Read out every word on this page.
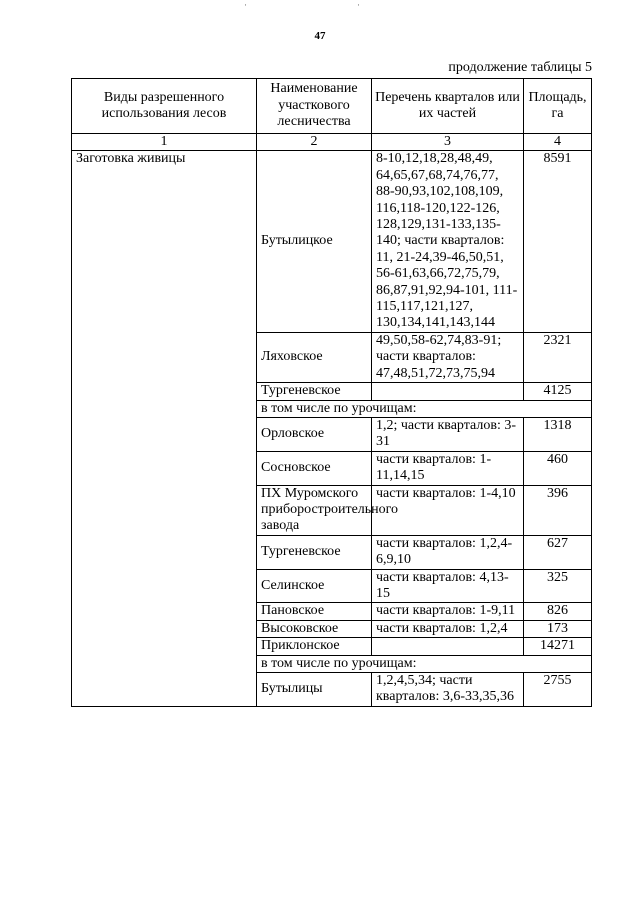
·	·
47
продолжение таблицы 5
Виды разрешенного использования лесов	Наименование участкового лесничества	Перечень кварталов или их частей	Площадь, га
1	2	3	4
Заготовка живицы	Бутылицкое	8-10,12,18,28,48,49, 64,65,67,68,74,76,77, 88-90,93,102,108,109, 116,118-120,122-126, 128,129,131-133,135-140; части кварталов: 11, 21-24,39-46,50,51, 56-61,63,66,72,75,79, 86,87,91,92,94-101, 111-115,117,121,127, 130,134,141,143,144	8591
	Ляховское	49,50,58-62,74,83-91; части кварталов: 47,48,51,72,73,75,94	2321
	Тургеневское		4125
	в том числе по урочищам:		
	Орловское	1,2; части кварталов: 3-31	1318
	Сосновское	части кварталов: 1-11,14,15	460
	ПХ Муромского приборостроительного завода	части кварталов: 1-4,10	396
	Тургеневское	части кварталов: 1,2,4-6,9,10	627
	Селинское	части кварталов: 4,13-15	325
	Пановское	части кварталов: 1-9,11	826
	Высоковское	части кварталов: 1,2,4	173
	Приклонское		14271
	в том числе по урочищам:		
	Бутылицы	1,2,4,5,34; части кварталов: 3,6-33,35,36	2755
